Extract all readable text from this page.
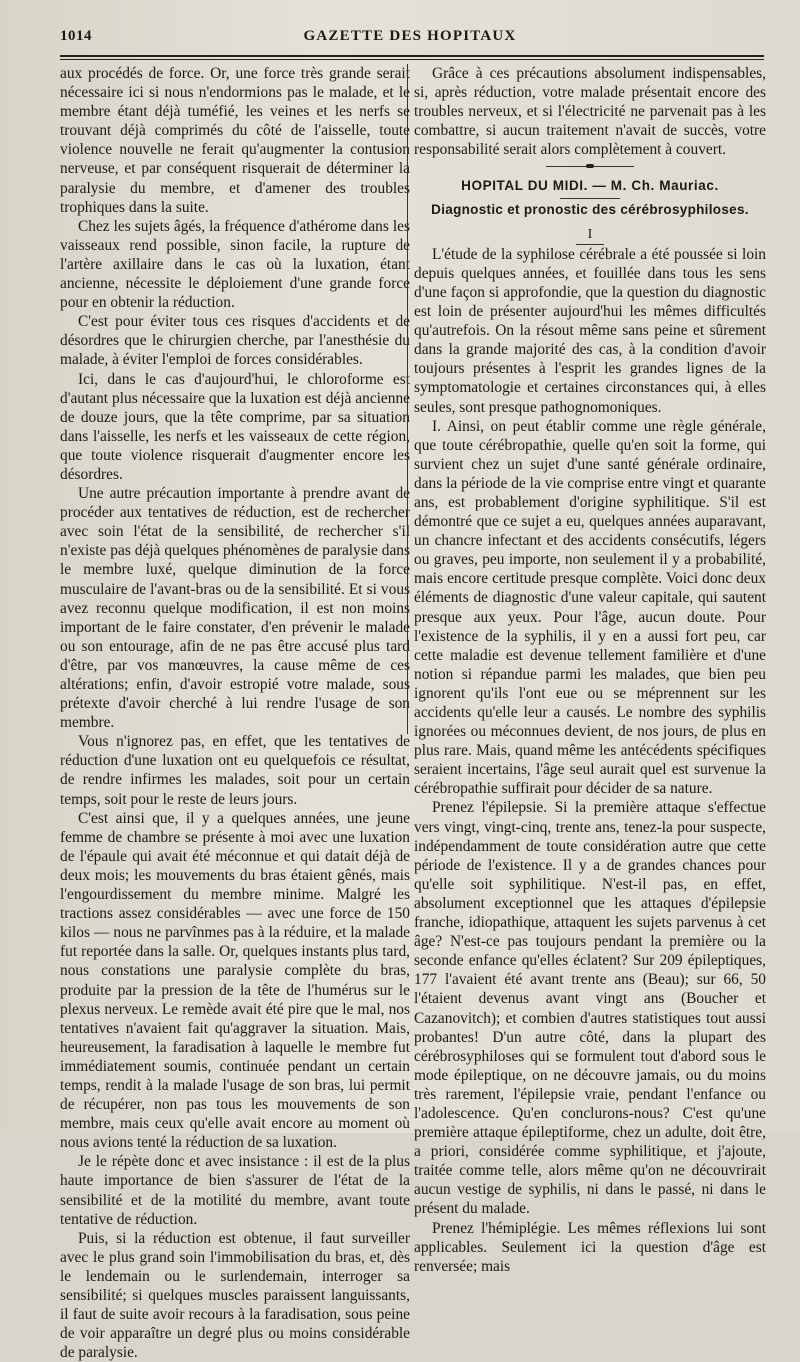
1014	GAZETTE DES HOPITAUX

aux procédés de force. Or, une force très grande serait nécessaire ici si nous n'endormions pas le malade, et le membre étant déjà tuméfié, les veines et les nerfs se trouvant déjà comprimés du côté de l'aisselle, toute violence nouvelle ne ferait qu'augmenter la contusion nerveuse, et par conséquent risquerait de déterminer la paralysie du membre, et d'amener des troubles trophiques dans la suite.

Chez les sujets âgés, la fréquence d'athérome dans les vaisseaux rend possible, sinon facile, la rupture de l'artère axillaire dans le cas où la luxation, étant ancienne, nécessite le déploiement d'une grande force pour en obtenir la réduction.

C'est pour éviter tous ces risques d'accidents et de désordres que le chirurgien cherche, par l'anesthésie du malade, à éviter l'emploi de forces considérables.

Ici, dans le cas d'aujourd'hui, le chloroforme est d'autant plus nécessaire que la luxation est déjà ancienne de douze jours, que la tête comprime, par sa situation dans l'aisselle, les nerfs et les vaisseaux de cette région, que toute violence risquerait d'augmenter encore les désordres.

Une autre précaution importante à prendre avant de procéder aux tentatives de réduction, est de rechercher avec soin l'état de la sensibilité, de rechercher s'il n'existe pas déjà quelques phénomènes de paralysie dans le membre luxé, quelque diminution de la force musculaire de l'avant-bras ou de la sensibilité. Et si vous avez reconnu quelque modification, il est non moins important de le faire constater, d'en prévenir le malade ou son entourage, afin de ne pas être accusé plus tard d'être, par vos manœuvres, la cause même de ces altérations; enfin, d'avoir estropié votre malade, sous prétexte d'avoir cherché à lui rendre l'usage de son membre.

Vous n'ignorez pas, en effet, que les tentatives de réduction d'une luxation ont eu quelquefois ce résultat, de rendre infirmes les malades, soit pour un certain temps, soit pour le reste de leurs jours.

C'est ainsi que, il y a quelques années, une jeune femme de chambre se présente à moi avec une luxation de l'épaule qui avait été méconnue et qui datait déjà de deux mois; les mouvements du bras étaient gênés, mais l'engourdissement du membre minime. Malgré les tractions assez considérables — avec une force de 150 kilos — nous ne parvînmes pas à la réduire, et la malade fut reportée dans la salle. Or, quelques instants plus tard, nous constations une paralysie complète du bras, produite par la pression de la tête de l'humérus sur le plexus nerveux. Le remède avait été pire que le mal, nos tentatives n'avaient fait qu'aggraver la situation. Mais, heureusement, la faradisation à laquelle le membre fut immédiatement soumis, continuée pendant un certain temps, rendit à la malade l'usage de son bras, lui permit de récupérer, non pas tous les mouvements de son membre, mais ceux qu'elle avait encore au moment où nous avions tenté la réduction de sa luxation.

Je le répète donc et avec insistance : il est de la plus haute importance de bien s'assurer de l'état de la sensibilité et de la motilité du membre, avant toute tentative de réduction.

Puis, si la réduction est obtenue, il faut surveiller avec le plus grand soin l'immobilisation du bras, et, dès le lendemain ou le surlendemain, interroger sa sensibilité; si quelques muscles paraissent languissants, il faut de suite avoir recours à la faradisation, sous peine de voir apparaître un degré plus ou moins considérable de paralysie.

Grâce à ces précautions absolument indispensables, si, après réduction, votre malade présentait encore des troubles nerveux, et si l'électricité ne parvenait pas à les combattre, si aucun traitement n'avait de succès, votre responsabilité serait alors complètement à couvert.

HOPITAL DU MIDI. — M. Ch. Mauriac.
Diagnostic et pronostic des cérébrosyphiloses.
I

L'étude de la syphilose cérébrale a été poussée si loin depuis quelques années, et fouillée dans tous les sens d'une façon si approfondie, que la question du diagnostic est loin de présenter aujourd'hui les mêmes difficultés qu'autrefois. On la résout même sans peine et sûrement dans la grande majorité des cas, à la condition d'avoir toujours présentes à l'esprit les grandes lignes de la symptomatologie et certaines circonstances qui, à elles seules, sont presque pathognomoniques.

I. Ainsi, on peut établir comme une règle générale, que toute cérébropathie, quelle qu'en soit la forme, qui survient chez un sujet d'une santé générale ordinaire, dans la période de la vie comprise entre vingt et quarante ans, est probablement d'origine syphilitique. S'il est démontré que ce sujet a eu, quelques années auparavant, un chancre infectant et des accidents consécutifs, légers ou graves, peu importe, non seulement il y a probabilité, mais encore certitude presque complète. Voici donc deux éléments de diagnostic d'une valeur capitale, qui sautent presque aux yeux. Pour l'âge, aucun doute. Pour l'existence de la syphilis, il y en a aussi fort peu, car cette maladie est devenue tellement familière et d'une notion si répandue parmi les malades, que bien peu ignorent qu'ils l'ont eue ou se méprennent sur les accidents qu'elle leur a causés. Le nombre des syphilis ignorées ou méconnues devient, de nos jours, de plus en plus rare. Mais, quand même les antécédents spécifiques seraient incertains, l'âge seul aurait quel est survenue la cérébropathie suffirait pour décider de sa nature.

Prenez l'épilepsie. Si la première attaque s'effectue vers vingt, vingt-cinq, trente ans, tenez-la pour suspecte, indépendamment de toute considération autre que cette période de l'existence. Il y a de grandes chances pour qu'elle soit syphilitique. N'est-il pas, en effet, absolument exceptionnel que les attaques d'épilepsie franche, idiopathique, attaquent les sujets parvenus à cet âge? N'est-ce pas toujours pendant la première ou la seconde enfance qu'elles éclatent? Sur 209 épileptiques, 177 l'avaient été avant trente ans (Beau); sur 66, 50 l'étaient devenus avant vingt ans (Boucher et Cazanovitch); et combien d'autres statistiques tout aussi probantes! D'un autre côté, dans la plupart des cérébrosyphiloses qui se formulent tout d'abord sous le mode épileptique, on ne découvre jamais, ou du moins très rarement, l'épilepsie vraie, pendant l'enfance ou l'adolescence. Qu'en conclurons-nous? C'est qu'une première attaque épileptiforme, chez un adulte, doit être, a priori, considérée comme syphilitique, et j'ajoute, traitée comme telle, alors même qu'on ne découvrirait aucun vestige de syphilis, ni dans le passé, ni dans le présent du malade.

Prenez l'hémiplégie. Les mêmes réflexions lui sont applicables. Seulement ici la question d'âge est renversée; mais
